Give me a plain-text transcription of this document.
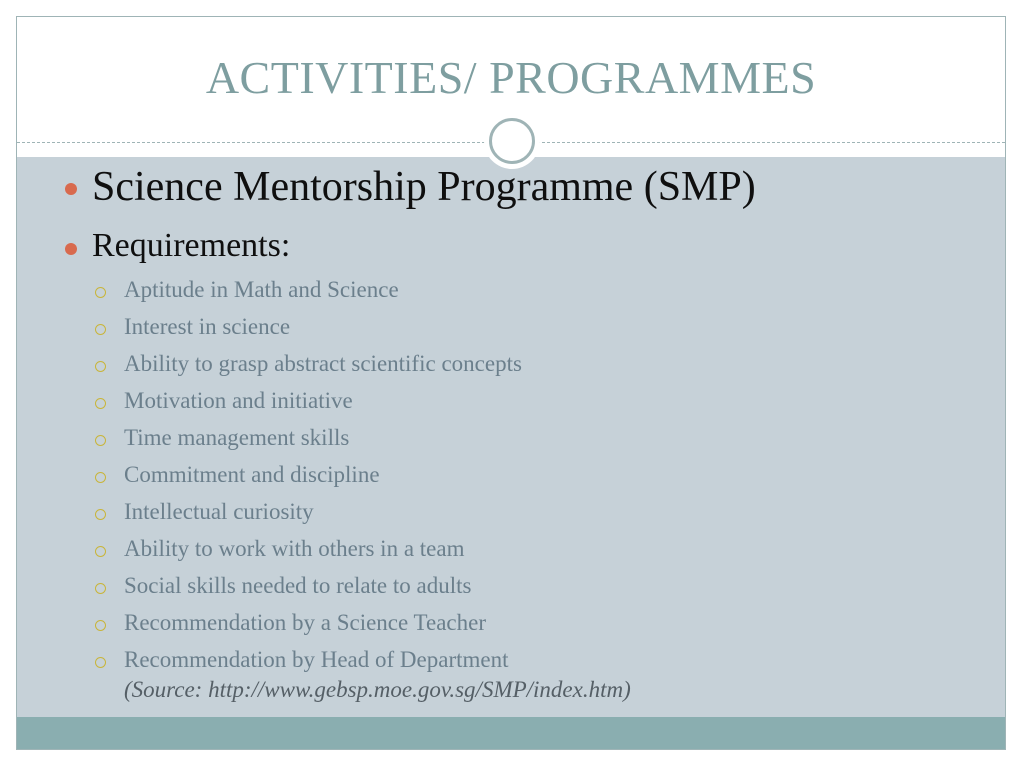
ACTIVITIES/ PROGRAMMES
Science Mentorship Programme (SMP)
Requirements:
Aptitude in Math and Science
Interest in science
Ability to grasp abstract scientific concepts
Motivation and initiative
Time management skills
Commitment and discipline
Intellectual curiosity
Ability to work with others in a team
Social skills needed to relate to adults
Recommendation by a Science Teacher
Recommendation by Head of Department
(Source: http://www.gebsp.moe.gov.sg/SMP/index.htm)
